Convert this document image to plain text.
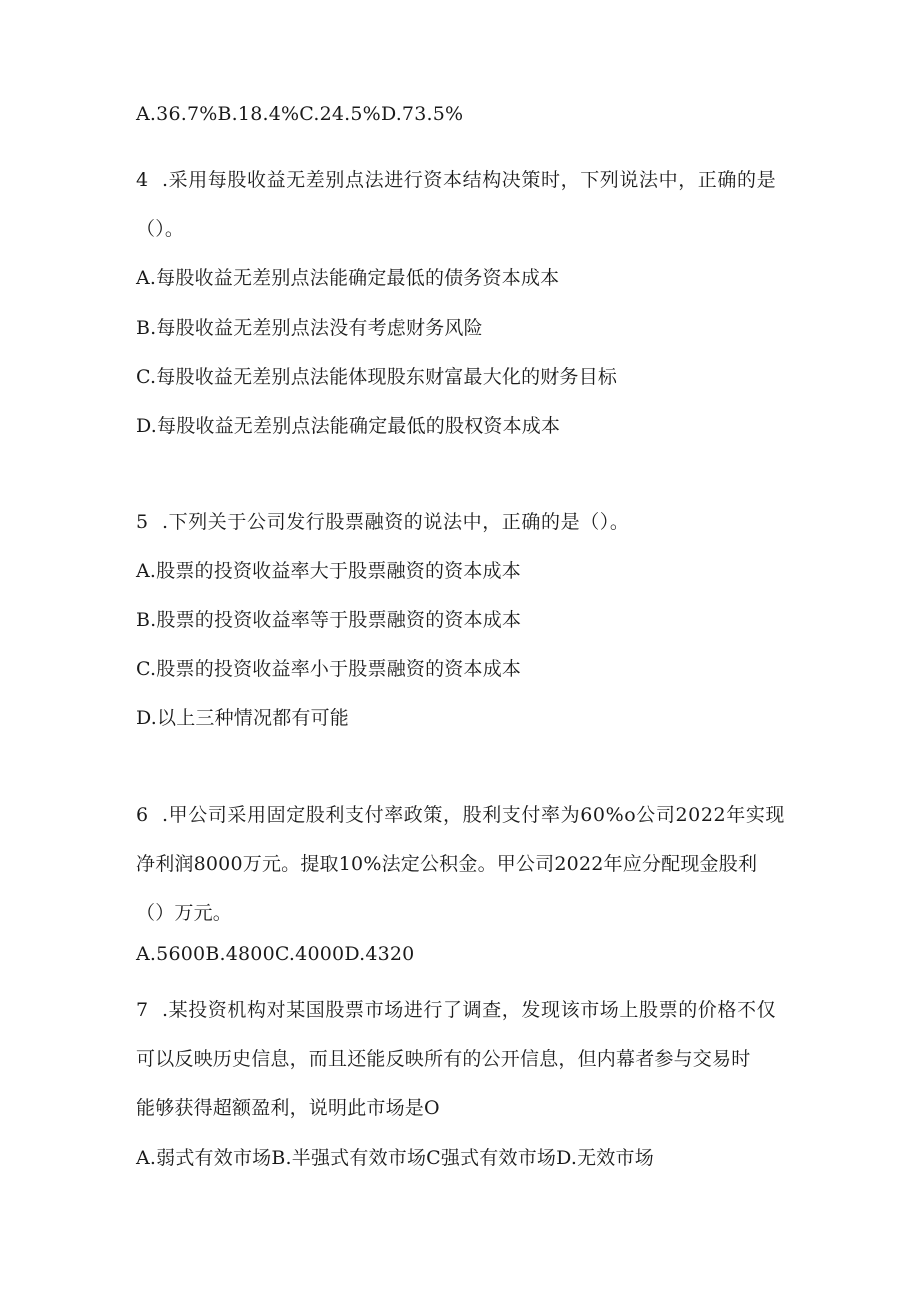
A.36.7%B.18.4%C.24.5%D.73.5%
4  .采用每股收益无差别点法进行资本结构决策时，下列说法中，正确的是
（）。
A.每股收益无差别点法能确定最低的债务资本成本
B.每股收益无差别点法没有考虑财务风险
C.每股收益无差别点法能体现股东财富最大化的财务目标
D.每股收益无差别点法能确定最低的股权资本成本
5  .下列关于公司发行股票融资的说法中，正确的是（）。
A.股票的投资收益率大于股票融资的资本成本
B.股票的投资收益率等于股票融资的资本成本
C.股票的投资收益率小于股票融资的资本成本
D.以上三种情况都有可能
6  .甲公司采用固定股利支付率政策，股利支付率为60%o公司2022年实现
净利润8000万元。提取10%法定公积金。甲公司2022年应分配现金股利
（）万元。
A.5600B.4800C.4000D.4320
7  .某投资机构对某国股票市场进行了调查，发现该市场上股票的价格不仅
可以反映历史信息，而且还能反映所有的公开信息，但内幕者参与交易时
能够获得超额盈利，说明此市场是O
A.弱式有效市场B.半强式有效市场C强式有效市场D.无效市场
